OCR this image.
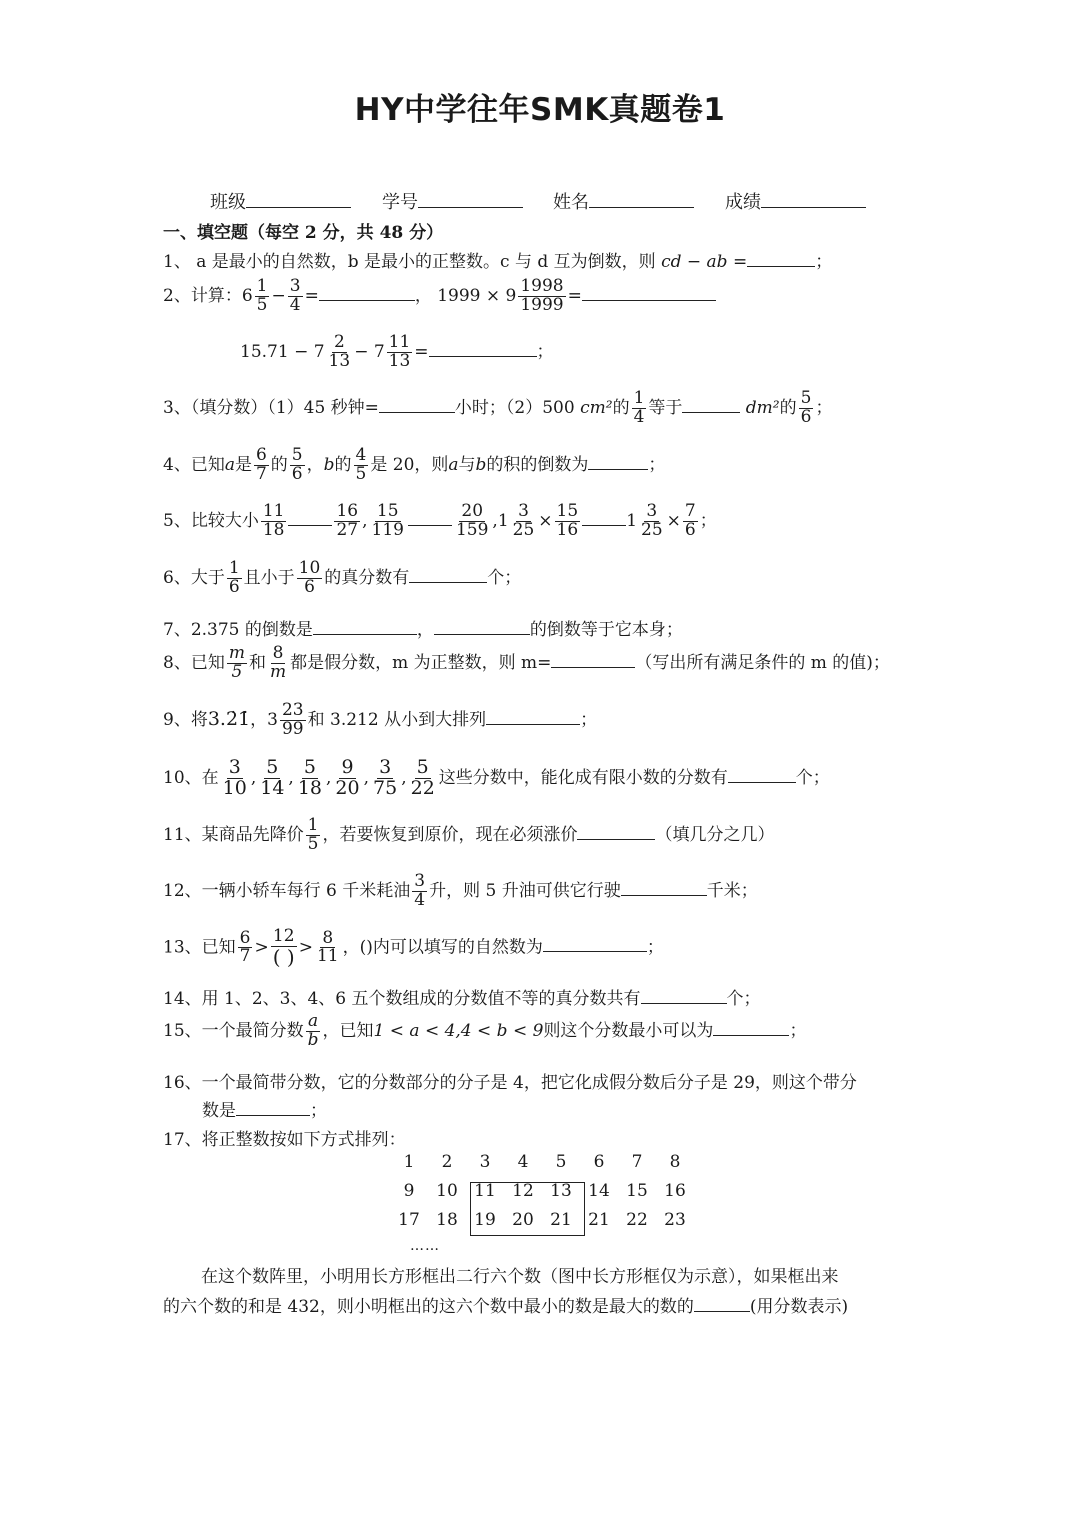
HY中学往年SMK真题卷1
班级	学号	姓名	成绩
一、填空题（每空 2 分，共 48 分）
1、 a 是最小的自然数，b 是最小的正整数。c 与 d 互为倒数，则 cd − ab =	；
2、计算：$6 \frac{1}{5} - \frac{3}{4}$ =	， $1999 \times 9 \frac{1998}{1999}$ =
$15.71 - 7 \frac{2}{13} - 7 \frac{11}{13}$ =	；
3、（填分数）（1）45 秒钟=	小时；（2）500 cm²的 $\frac{1}{4}$ 等于	dm²的 $\frac{5}{6}$ ；
4、已知a是 $\frac{6}{7}$ 的 $\frac{5}{6}$ ，b的 $\frac{4}{5}$ 是 20，则a与b的积的倒数为	；
5、比较大小 $\frac{11}{18}$	$\frac{16}{27}$ , $\frac{15}{119}$	$\frac{20}{159} ,1 \frac{3}{25} \times \frac{15}{16}$	$1 \frac{3}{25} \times \frac{7}{6}$ ；
6、大于 $\frac{1}{6}$ 且小于 $\frac{10}{6}$ 的真分数有	个；
7、2.375 的倒数是	，	的倒数等于它本身；
8、已知 $\frac{m}{5}$ 和 $\frac{8}{m}$ 都是假分数，m 为正整数，则 m=	（写出所有满足条件的 m 的值)；
9、将3.2̇1̇，$3 \frac{23}{99}$ 和 3.212 从小到大排列	；
10、在 $\frac{3}{10}$ , $\frac{5}{14}$ , $\frac{5}{18}$ , $\frac{9}{20}$ , $\frac{3}{75}$ , $\frac{5}{22}$ 这些分数中，能化成有限小数的分数有	个；
11、某商品先降价 $\frac{1}{5}$ ，若要恢复到原价，现在必须涨价	（填几分之几）
12、一辆小轿车每行 6 千米耗油 $\frac{3}{4}$ 升，则 5 升油可供它行驶	千米；
13、已知 $\frac{6}{7} > \frac{12}{( )} > \frac{8}{11}$ ，()内可以填写的自然数为	；
14、用 1、2、3、4、6 五个数组成的分数值不等的真分数共有	个；
15、一个最简分数 $\frac{a}{b}$ ，已知1 < a < 4,4 < b < 9则这个分数最小可以为	；
16、一个最简带分数，它的分数部分的分子是 4，把它化成假分数后分子是 29，则这个带分
数是	；
17、将正整数按如下方式排列：
1	2	3	4	5	6	7	8
9	10 11 12 13 14 15 16
17 18 19 20 21 21 22 23
……
在这个数阵里，小明用长方形框出二行六个数（图中长方形框仅为示意），如果框出来
的六个数的和是 432，则小明框出的这六个数中最小的数是最大的数的	(用分数表示)
